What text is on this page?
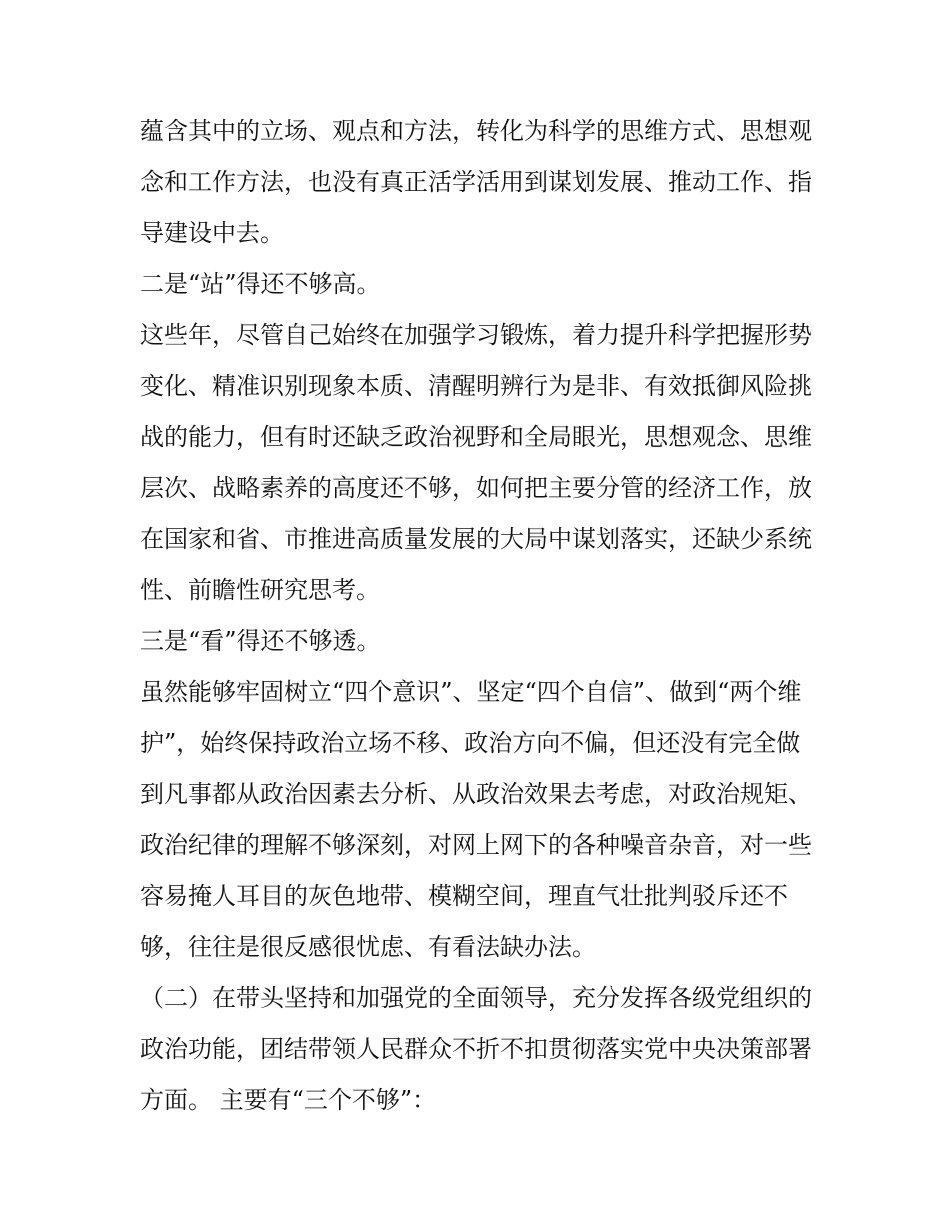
蕴含其中的立场、观点和方法，转化为科学的思维方式、思想观念和工作方法，也没有真正活学活用到谋划发展、推动工作、指导建设中去。

二是“站”得还不够高。

这些年，尽管自己始终在加强学习锻炼，着力提升科学把握形势变化、精准识别现象本质、清醒明辨行为是非、有效抵御风险挑战的能力，但有时还缺乏政治视野和全局眼光，思想观念、思维层次、战略素养的高度还不够，如何把主要分管的经济工作，放在国家和省、市推进高质量发展的大局中谋划落实，还缺少系统性、前瞻性研究思考。

三是“看”得还不够透。

虽然能够牢固树立“四个意识”、坚定“四个自信”、做到“两个维护”，始终保持政治立场不移、政治方向不偏，但还没有完全做到凡事都从政治因素去分析、从政治效果去考虑，对政治规矩、政治纪律的理解不够深刻，对网上网下的各种噪音杂音，对一些容易掩人耳目的灰色地带、模糊空间，理直气壮批判驳斥还不够，往往是很反感很忧虑、有看法缺办法。

（二）在带头坚持和加强党的全面领导，充分发挥各级党组织的政治功能，团结带领人民群众不折不扣贯彻落实党中央决策部署方面。 主要有“三个不够”：
